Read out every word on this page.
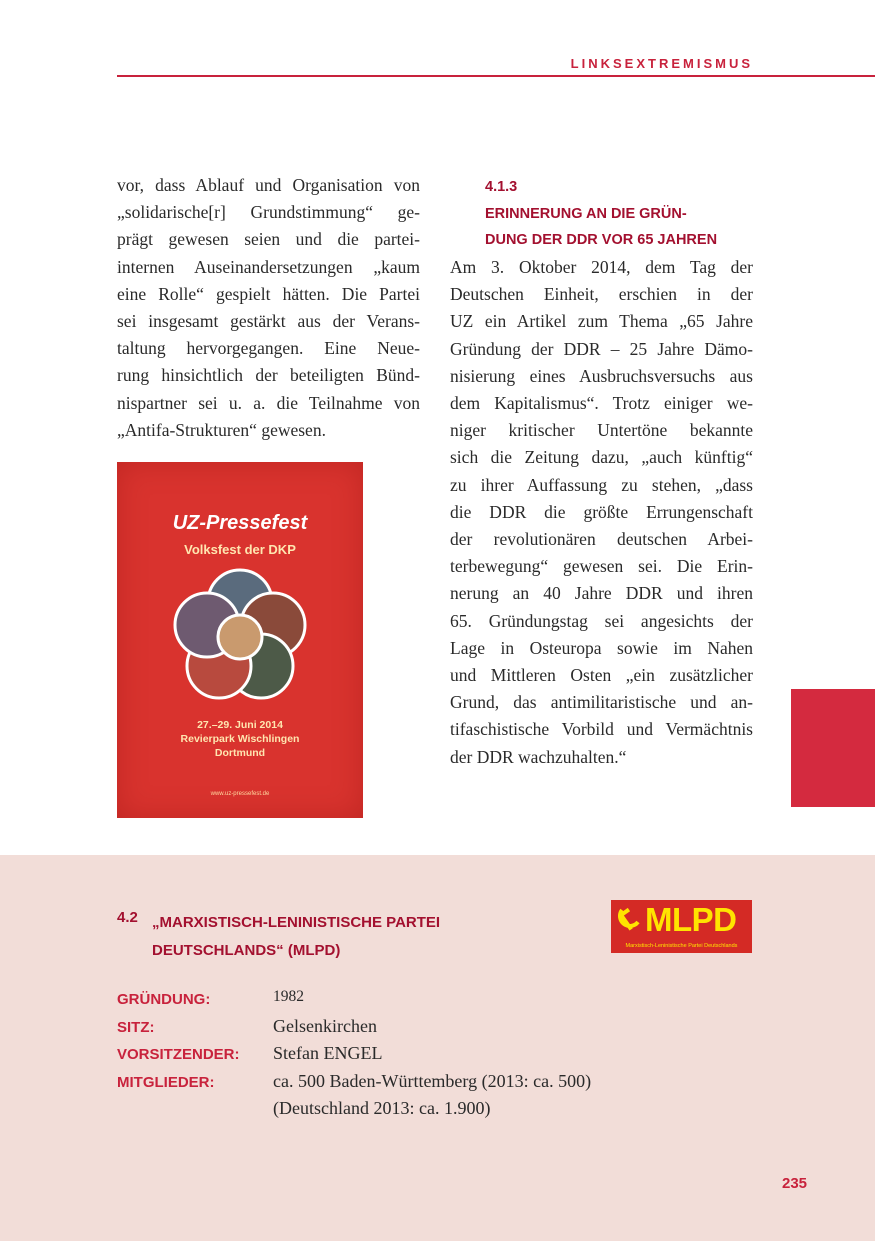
LINKSEXTREMISMUS
vor, dass Ablauf und Organisation von
„solidarische[r] Grundstimmung“ ge-
prägt gewesen seien und die partei-
internen Auseinandersetzungen „kaum
eine Rolle“ gespielt hätten. Die Partei
sei insgesamt gestärkt aus der Verans-
taltung hervorgegangen. Eine Neue-
rung hinsichtlich der beteiligten Bünd-
nispartner sei u. a. die Teilnahme von
„Antifa-Strukturen“ gewesen.
UZ-Pressefest
Volksfest der DKP
27.–29. Juni 2014
Revierpark Wischlingen
Dortmund
www.uz-pressefest.de
4.1.3
ERINNERUNG AN DIE GRÜN-
DUNG DER DDR VOR 65 JAHREN
Am 3. Oktober 2014, dem Tag der
Deutschen Einheit, erschien in der
UZ ein Artikel zum Thema „65 Jahre
Gründung der DDR – 25 Jahre Dämo-
nisierung eines Ausbruchsversuchs aus
dem Kapitalismus“. Trotz einiger we-
niger kritischer Untertöne bekannte
sich die Zeitung dazu, „auch künftig“
zu ihrer Auffassung zu stehen, „dass
die DDR die größte Errungenschaft
der revolutionären deutschen Arbei-
terbewegung“ gewesen sei. Die Erin-
nerung an 40 Jahre DDR und ihren
65. Gründungstag sei angesichts der
Lage in Osteuropa sowie im Nahen
und Mittleren Osten „ein zusätzlicher
Grund, das antimilitaristische und an-
tifaschistische Vorbild und Vermächtnis
der DDR wachzuhalten.“
4.2 „MARXISTISCH-LENINISTISCHE PARTEI
DEUTSCHLANDS“ (MLPD)
MLPD
Marxistisch-Leninistische Partei Deutschlands
GRÜNDUNG:	1982
SITZ:	Gelsenkirchen
VORSITZENDER: Stefan ENGEL
MITGLIEDER:	ca. 500 Baden-Württemberg (2013: ca. 500)
(Deutschland 2013: ca. 1.900)
235
